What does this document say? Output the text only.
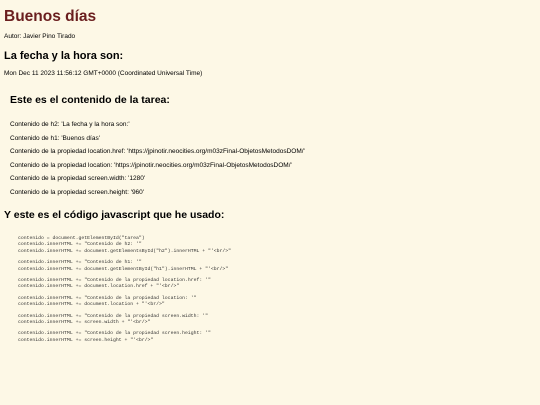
Buenos días
Autor: Javier Pino Tirado
La fecha y la hora son:
Mon Dec 11 2023 11:56:12 GMT+0000 (Coordinated Universal Time)
Este es el contenido de la tarea:
Contenido de h2: 'La fecha y la hora son:'
Contenido de h1: 'Buenos días'
Contenido de la propiedad location.href: 'https://jpinotir.neocities.org/m03zFinal-ObjetosMetodosDOM/'
Contenido de la propiedad location: 'https://jpinotir.neocities.org/m03zFinal-ObjetosMetodosDOM/'
Contenido de la propiedad screen.width: '1280'
Contenido de la propiedad screen.height: '960'
Y este es el código javascript que he usado:
contenido = document.getElementById("tarea")
contenido.innerHTML += "Contenido de h2: '"
contenido.innerHTML += document.getElementsById("h2").innerHTML + "'<br/>"
contenido.innerHTML += "Contenido de h1: '"
contenido.innerHTML += document.getElementById("h1").innerHTML + "'<br/>"
contenido.innerHTML += "Contenido de la propiedad location.href: '"
contenido.innerHTML += document.location.href + "'<br/>"
contenido.innerHTML += "Contenido de la propiedad location: '"
contenido.innerHTML += document.location + "'<br/>"
contenido.innerHTML += "Contenido de la propiedad screen.width: '"
contenido.innerHTML += screen.width + "'<br/>"
contenido.innerHTML += "Contenido de la propiedad screen.height: '"
contenido.innerHTML += screen.height + "'<br/>"
